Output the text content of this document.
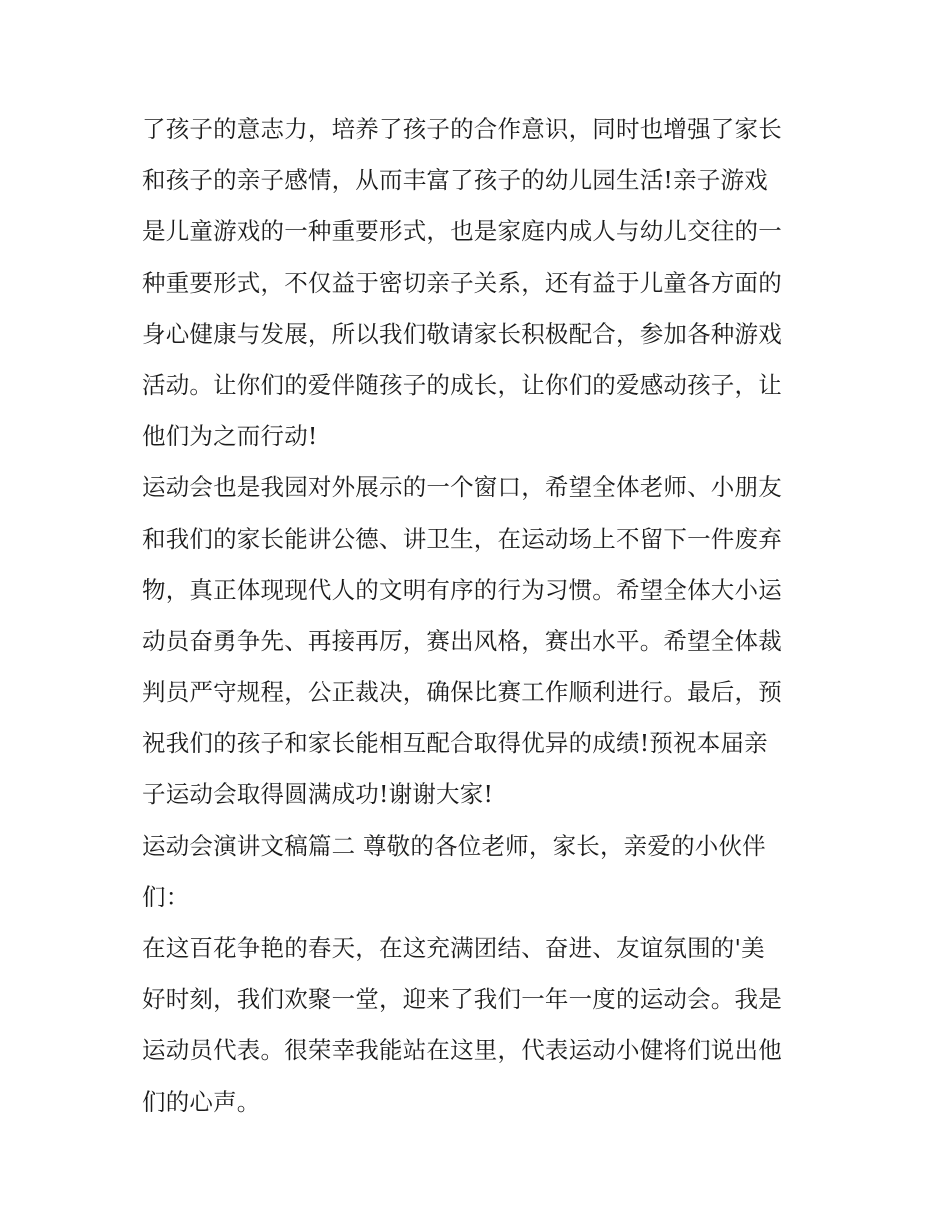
了孩子的意志力，培养了孩子的合作意识，同时也增强了家长
和孩子的亲子感情，从而丰富了孩子的幼儿园生活!亲子游戏
是儿童游戏的一种重要形式，也是家庭内成人与幼儿交往的一
种重要形式，不仅益于密切亲子关系，还有益于儿童各方面的
身心健康与发展，所以我们敬请家长积极配合，参加各种游戏
活动。让你们的爱伴随孩子的成长，让你们的爱感动孩子，让
他们为之而行动!
运动会也是我园对外展示的一个窗口，希望全体老师、小朋友
和我们的家长能讲公德、讲卫生，在运动场上不留下一件废弃
物，真正体现现代人的文明有序的行为习惯。希望全体大小运
动员奋勇争先、再接再厉，赛出风格，赛出水平。希望全体裁
判员严守规程，公正裁决，确保比赛工作顺利进行。最后，预
祝我们的孩子和家长能相互配合取得优异的成绩!预祝本届亲
子运动会取得圆满成功!谢谢大家!
运动会演讲文稿篇二 尊敬的各位老师，家长，亲爱的小伙伴
们：
在这百花争艳的春天，在这充满团结、奋进、友谊氛围的'美
好时刻，我们欢聚一堂，迎来了我们一年一度的运动会。我是
运动员代表。很荣幸我能站在这里，代表运动小健将们说出他
们的心声。
